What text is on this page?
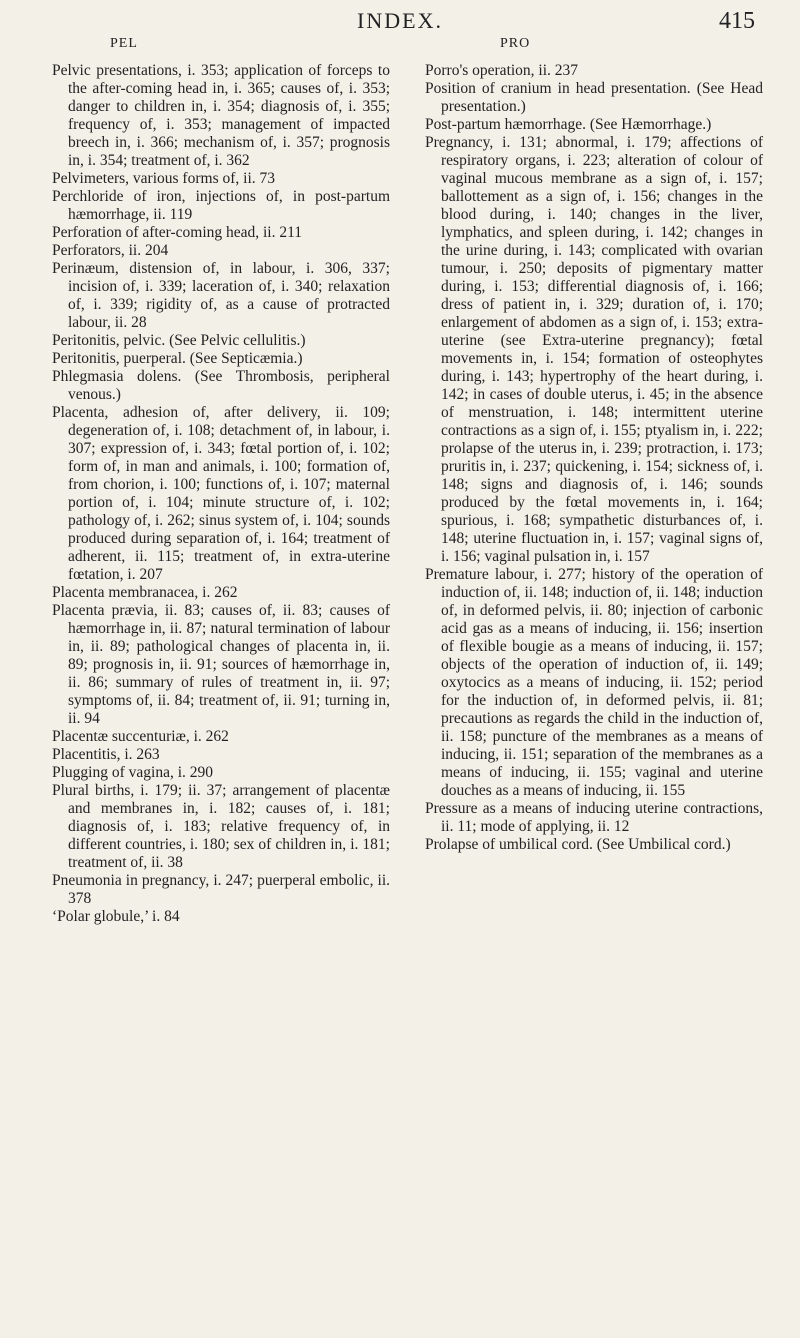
INDEX.	415
PEL	PRO

Pelvic presentations, i. 353; application of forceps to the after-coming head in, i. 365; causes of, i. 353; danger to children in, i. 354; diagnosis of, i. 355; frequency of, i. 353; management of impacted breech in, i. 366; mechanism of, i. 357; prognosis in, i. 354; treatment of, i. 362

Pelvimeters, various forms of, ii. 73

Perchloride of iron, injections of, in post-partum hæmorrhage, ii. 119

Perforation of after-coming head, ii. 211

Perforators, ii. 204

Perinæum, distension of, in labour, i. 306, 337; incision of, i. 339; laceration of, i. 340; relaxation of, i. 339; rigidity of, as a cause of protracted labour, ii. 28

Peritonitis, pelvic. (See Pelvic cellulitis.)

Peritonitis, puerperal. (See Septicæmia.)

Phlegmasia dolens. (See Thrombosis, peripheral venous.)

Placenta, adhesion of, after delivery, ii. 109; degeneration of, i. 108; detachment of, in labour, i. 307; expression of, i. 343; fœtal portion of, i. 102; form of, in man and animals, i. 100; formation of, from chorion, i. 100; functions of, i. 107; maternal portion of, i. 104; minute structure of, i. 102; pathology of, i. 262; sinus system of, i. 104; sounds produced during separation of, i. 164; treatment of adherent, ii. 115; treatment of, in extra-uterine fœtation, i. 207

Placenta membranacea, i. 262

Placenta prævia, ii. 83; causes of, ii. 83; causes of hæmorrhage in, ii. 87; natural termination of labour in, ii. 89; pathological changes of placenta in, ii. 89; prognosis in, ii. 91; sources of hæmorrhage in, ii. 86; summary of rules of treatment in, ii. 97; symptoms of, ii. 84; treatment of, ii. 91; turning in, ii. 94

Placentæ succenturiæ, i. 262

Placentitis, i. 263

Plugging of vagina, i. 290

Plural births, i. 179; ii. 37; arrangement of placentæ and membranes in, i. 182; causes of, i. 181; diagnosis of, i. 183; relative frequency of, in different countries, i. 180; sex of children in, i. 181; treatment of, ii. 38

Pneumonia in pregnancy, i. 247; puerperal embolic, ii. 378

‘Polar globule,’ i. 84

Porro's operation, ii. 237

Position of cranium in head presentation. (See Head presentation.)

Post-partum hæmorrhage. (See Hæmorrhage.)

Pregnancy, i. 131; abnormal, i. 179; affections of respiratory organs, i. 223; alteration of colour of vaginal mucous membrane as a sign of, i. 157; ballottement as a sign of, i. 156; changes in the blood during, i. 140; changes in the liver, lymphatics, and spleen during, i. 142; changes in the urine during, i. 143; complicated with ovarian tumour, i. 250; deposits of pigmentary matter during, i. 153; differential diagnosis of, i. 166; dress of patient in, i. 329; duration of, i. 170; enlargement of abdomen as a sign of, i. 153; extra-uterine (see Extra-uterine pregnancy); fœtal movements in, i. 154; formation of osteophytes during, i. 143; hypertrophy of the heart during, i. 142; in cases of double uterus, i. 45; in the absence of menstruation, i. 148; intermittent uterine contractions as a sign of, i. 155; ptyalism in, i. 222; prolapse of the uterus in, i. 239; protraction, i. 173; pruritis in, i. 237; quickening, i. 154; sickness of, i. 148; signs and diagnosis of, i. 146; sounds produced by the fœtal movements in, i. 164; spurious, i. 168; sympathetic disturbances of, i. 148; uterine fluctuation in, i. 157; vaginal signs of, i. 156; vaginal pulsation in, i. 157

Premature labour, i. 277; history of the operation of induction of, ii. 148; induction of, ii. 148; induction of, in deformed pelvis, ii. 80; injection of carbonic acid gas as a means of inducing, ii. 156; insertion of flexible bougie as a means of inducing, ii. 157; objects of the operation of induction of, ii. 149; oxytocics as a means of inducing, ii. 152; period for the induction of, in deformed pelvis, ii. 81; precautions as regards the child in the induction of, ii. 158; puncture of the membranes as a means of inducing, ii. 151; separation of the membranes as a means of inducing, ii. 155; vaginal and uterine douches as a means of inducing, ii. 155

Pressure as a means of inducing uterine contractions, ii. 11; mode of applying, ii. 12

Prolapse of umbilical cord. (See Umbilical cord.)
